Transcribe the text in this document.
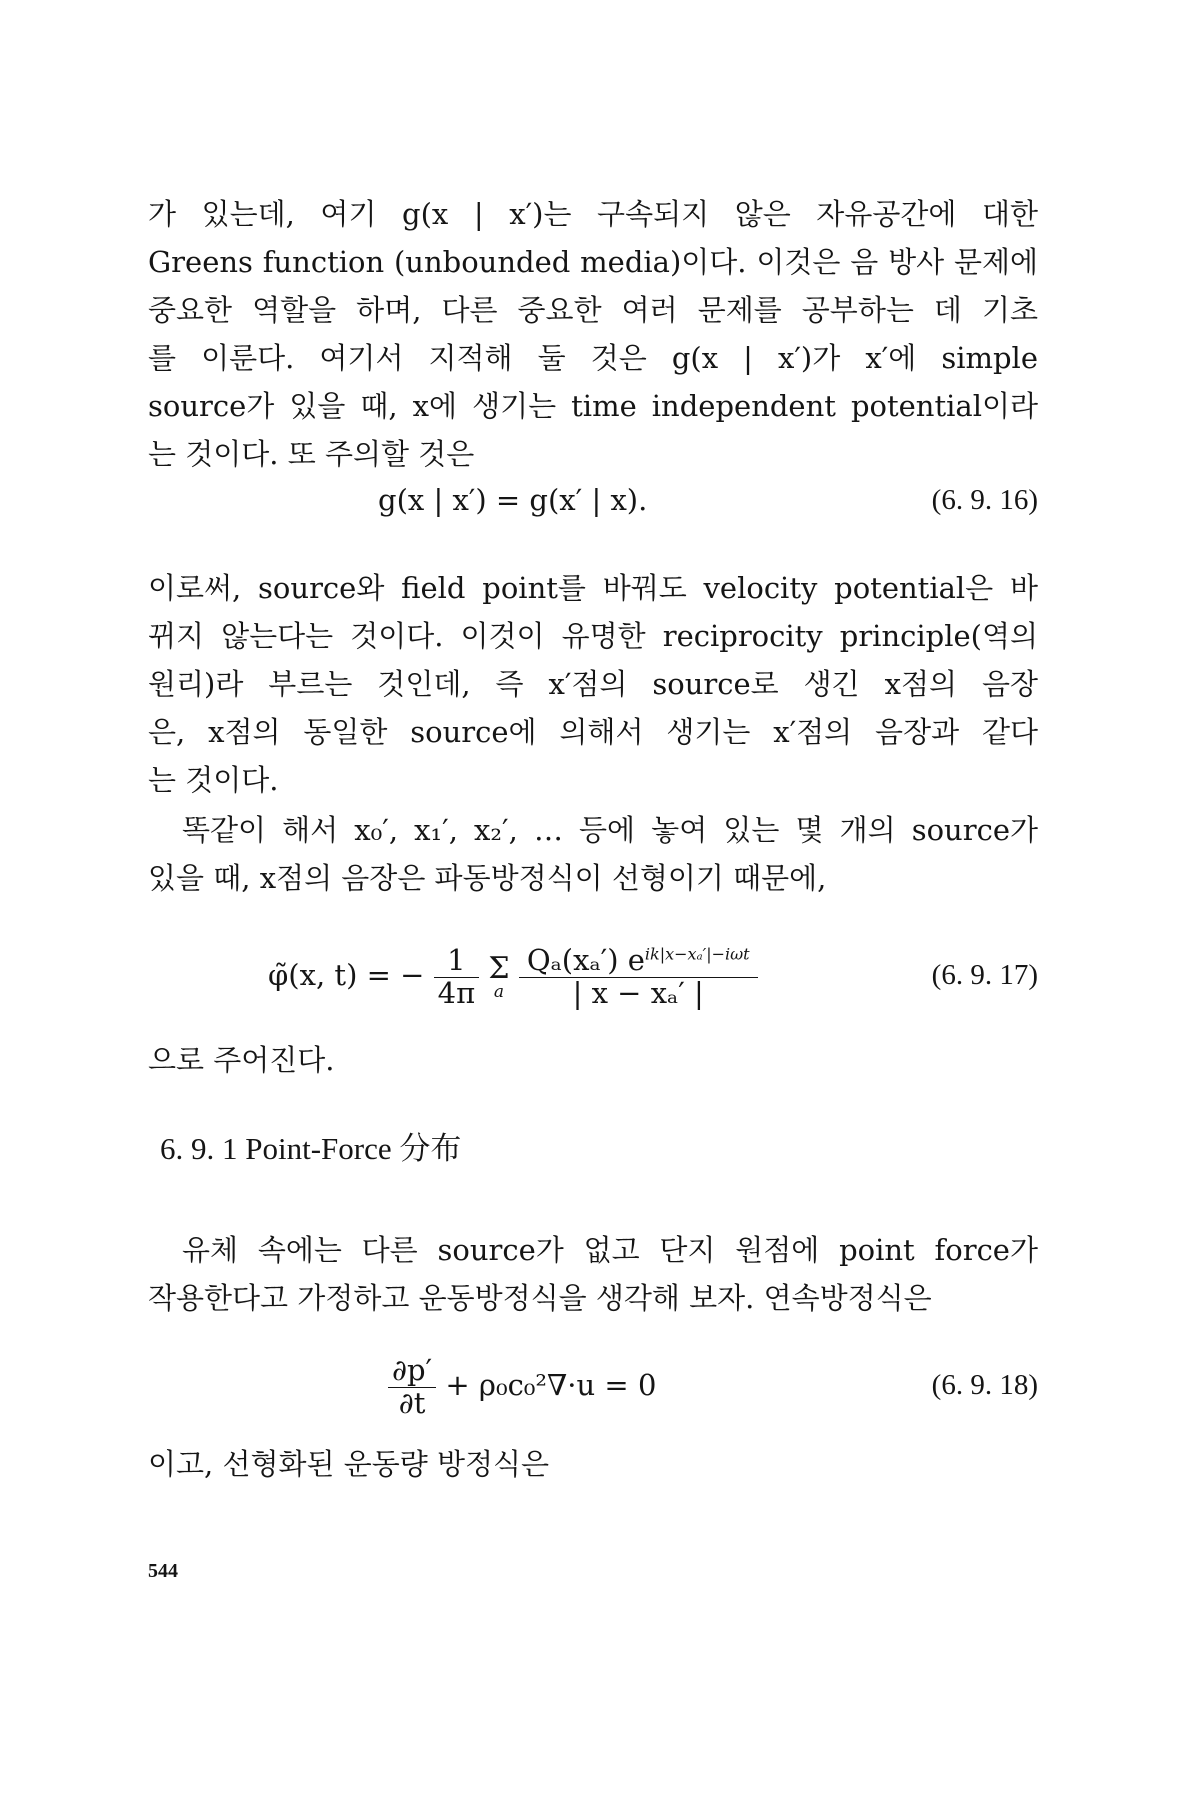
가 있는데, 여기 g(x | x′)는 구속되지 않은 자유공간에 대한
Greens function (unbounded media)이다. 이것은 음 방사 문제에
중요한 역할을 하며, 다른 중요한 여러 문제를 공부하는 데 기초
를 이룬다. 여기서 지적해 둘 것은 g(x | x′)가 x′에 simple
source가 있을 때, x에 생기는 time independent potential이라
는 것이다. 또 주의할 것은

g(x | x′) = g(x′ | x).	(6. 9. 16)

이로써, source와 field point를 바꿔도 velocity potential은 바
뀌지 않는다는 것이다. 이것이 유명한 reciprocity principle(역의
원리)라 부르는 것인데, 즉 x′점의 source로 생긴 x점의 음장
은, x점의 동일한 source에 의해서 생기는 x′점의 음장과 같다
는 것이다.

똑같이 해서 x₀′, x₁′, x₂′, … 등에 놓여 있는 몇 개의 source가
있을 때, x점의 음장은 파동방정식이 선형이기 때문에,

φ̃(x, t) = − $\frac{1}{4\pi}$
Σ
a
$\frac{Q_a(x_a') e^{ik|x-x_a'|-i\omega t}}{\text{| x − xₐ′ |}}$	(6. 9. 17)

으로 주어진다.

6. 9. 1 Point-Force 分布

유체 속에는 다른 source가 없고 단지 원점에 point force가
작용한다고 가정하고 운동방정식을 생각해 보자. 연속방정식은

$\frac{\partial p'}{\partial t} + \rho_0c_0^2\nabla\cdot u = 0$	(6. 9. 18)

이고, 선형화된 운동량 방정식은

544
